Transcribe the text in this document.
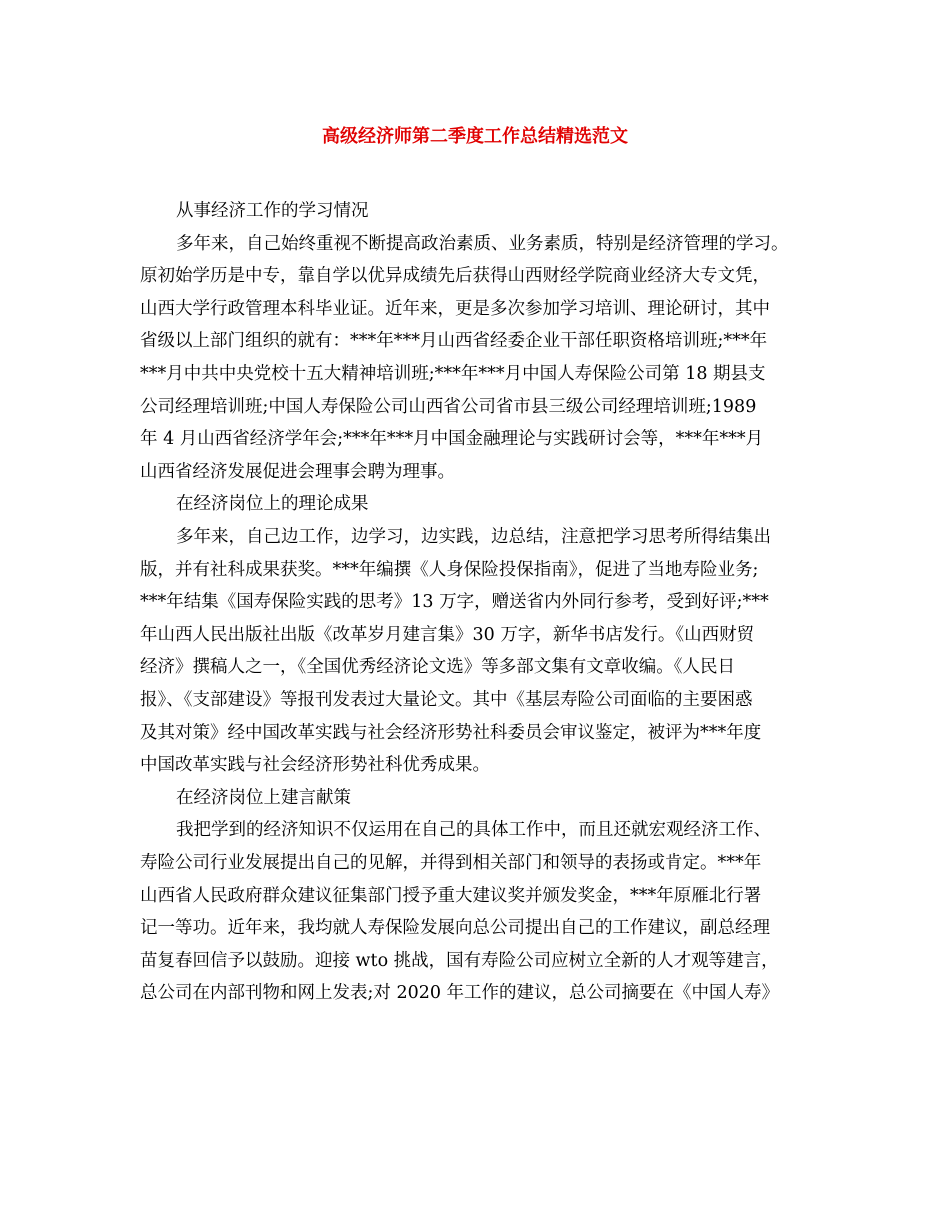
高级经济师第二季度工作总结精选范文
从事经济工作的学习情况
多年来，自己始终重视不断提高政治素质、业务素质，特别是经济管理的学习。
原初始学历是中专，靠自学以优异成绩先后获得山西财经学院商业经济大专文凭，
山西大学行政管理本科毕业证。近年来，更是多次参加学习培训、理论研讨，其中
省级以上部门组织的就有：***年***月山西省经委企业干部任职资格培训班;***年
***月中共中央党校十五大精神培训班;***年***月中国人寿保险公司第 18 期县支
公司经理培训班;中国人寿保险公司山西省公司省市县三级公司经理培训班;1989
年 4 月山西省经济学年会;***年***月中国金融理论与实践研讨会等，***年***月
山西省经济发展促进会理事会聘为理事。
在经济岗位上的理论成果
多年来，自己边工作，边学习，边实践，边总结，注意把学习思考所得结集出
版，并有社科成果获奖。***年编撰《人身保险投保指南》，促进了当地寿险业务;
***年结集《国寿保险实践的思考》13 万字，赠送省内外同行参考，受到好评;***
年山西人民出版社出版《改革岁月建言集》30 万字，新华书店发行。《山西财贸
经济》撰稿人之一，《全国优秀经济论文选》等多部文集有文章收编。《人民日
报》、《支部建设》等报刊发表过大量论文。其中《基层寿险公司面临的主要困惑
及其对策》经中国改革实践与社会经济形势社科委员会审议鉴定，被评为***年度
中国改革实践与社会经济形势社科优秀成果。
在经济岗位上建言献策
我把学到的经济知识不仅运用在自己的具体工作中，而且还就宏观经济工作、
寿险公司行业发展提出自己的见解，并得到相关部门和领导的表扬或肯定。***年
山西省人民政府群众建议征集部门授予重大建议奖并颁发奖金，***年原雁北行署
记一等功。近年来，我均就人寿保险发展向总公司提出自己的工作建议，副总经理
苗复春回信予以鼓励。迎接 wto 挑战，国有寿险公司应树立全新的人才观等建言，
总公司在内部刊物和网上发表;对 2020 年工作的建议，总公司摘要在《中国人寿》
